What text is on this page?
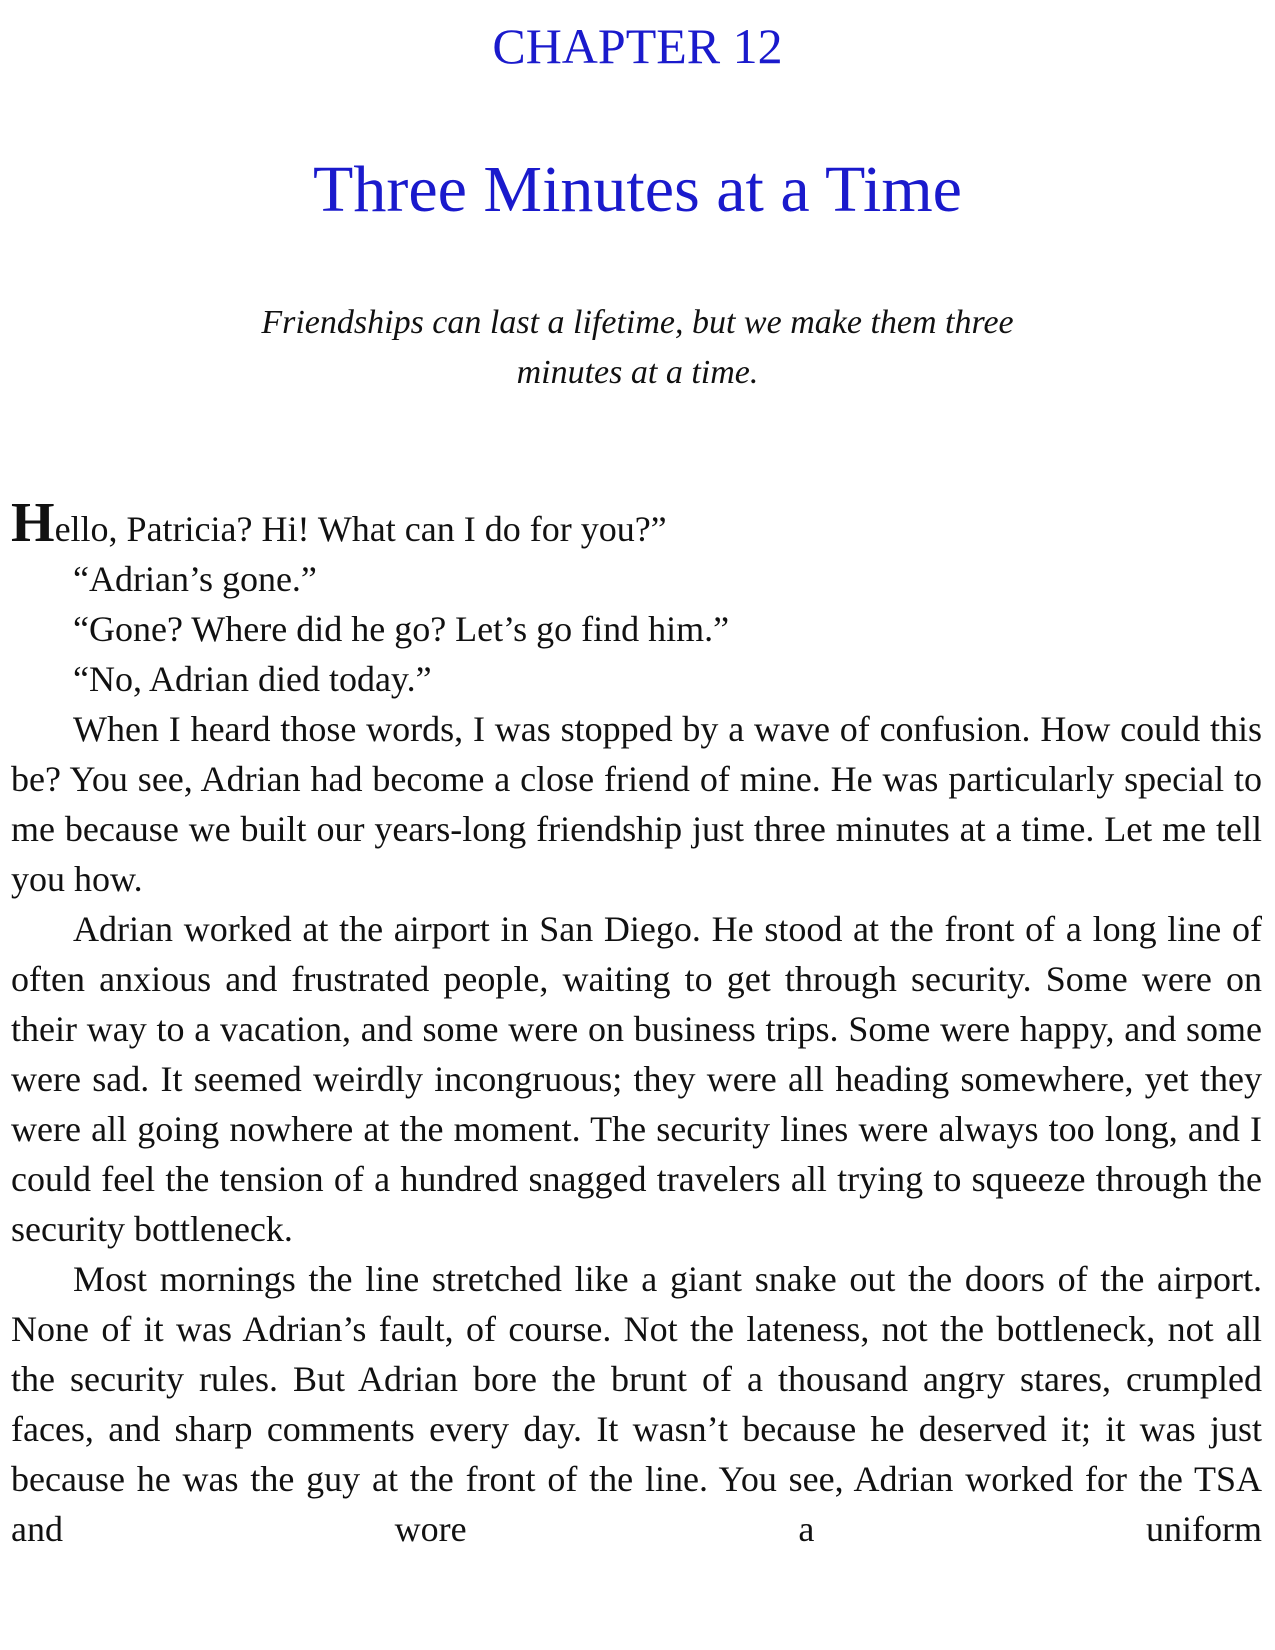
CHAPTER 12
Three Minutes at a Time
Friendships can last a lifetime, but we make them three
minutes at a time.

Hello, Patricia? Hi! What can I do for you?”

“Adrian’s gone.”

“Gone? Where did he go? Let’s go find him.”

“No, Adrian died today.”

When I heard those words, I was stopped by a wave of confusion. How could this be? You see, Adrian had become a close friend of mine. He was particularly special to me because we built our years-long friendship just three minutes at a time. Let me tell you how.

Adrian worked at the airport in San Diego. He stood at the front of a long line of often anxious and frustrated people, waiting to get through security. Some were on their way to a vacation, and some were on business trips. Some were happy, and some were sad. It seemed weirdly incongruous; they were all heading somewhere, yet they were all going nowhere at the moment. The security lines were always too long, and I could feel the tension of a hundred snagged travelers all trying to squeeze through the security bottleneck.

Most mornings the line stretched like a giant snake out the doors of the airport. None of it was Adrian’s fault, of course. Not the lateness, not the bottleneck, not all the security rules. But Adrian bore the brunt of a thousand angry stares, crumpled faces, and sharp comments every day. It wasn’t because he deserved it; it was just because he was the guy at the front of the line. You see, Adrian worked for the TSA and wore a uniform
